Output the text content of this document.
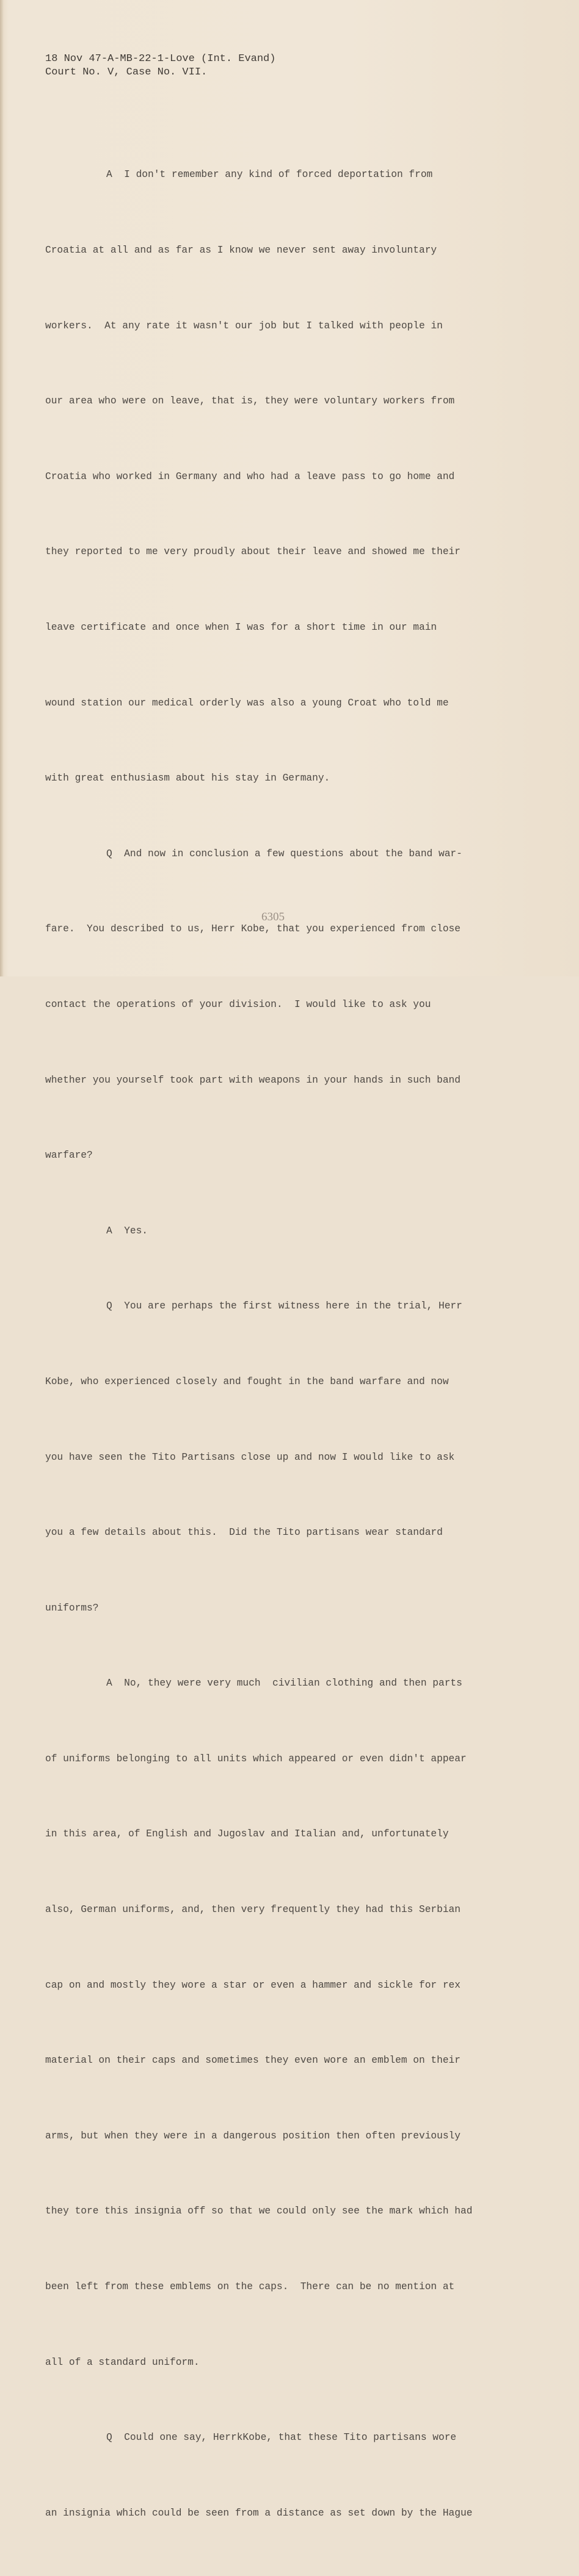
18 Nov 47-A-MB-22-1-Love (Int. Evand)
Court No. V, Case No. VII.

A  I don't remember any kind of forced deportation from

Croatia at all and as far as I know we never sent away involuntary

workers.  At any rate it wasn't our job but I talked with people in

our area who were on leave, that is, they were voluntary workers from

Croatia who worked in Germany and who had a leave pass to go home and

they reported to me very proudly about their leave and showed me their

leave certificate and once when I was for a short time in our main

wound station our medical orderly was also a young Croat who told me

with great enthusiasm about his stay in Germany.

Q  And now in conclusion a few questions about the band war-

fare.  You described to us, Herr Kobe, that you experienced from close

contact the operations of your division.  I would like to ask you

whether you yourself took part with weapons in your hands in such band

warfare?

A  Yes.

Q  You are perhaps the first witness here in the trial, Herr

Kobe, who experienced closely and fought in the band warfare and now

you have seen the Tito Partisans close up and now I would like to ask

you a few details about this.  Did the Tito partisans wear standard

uniforms?

A  No, they were very much  civilian clothing and then parts

of uniforms belonging to all units which appeared or even didn't appear

in this area, of English and Jugoslav and Italian and, unfortunately

also, German uniforms, and, then very frequently they had this Serbian

cap on and mostly they wore a star or even a hammer and sickle for rex

material on their caps and sometimes they even wore an emblem on their

arms, but when they were in a dangerous position then often previously

they tore this insignia off so that we could only see the mark which had

been left from these emblems on the caps.  There can be no mention at

all of a standard uniform.

Q  Could one say, HerrkKobe, that these Tito partisans wore

an insignia which could be seen from a distance as set down by the Hague

6305
